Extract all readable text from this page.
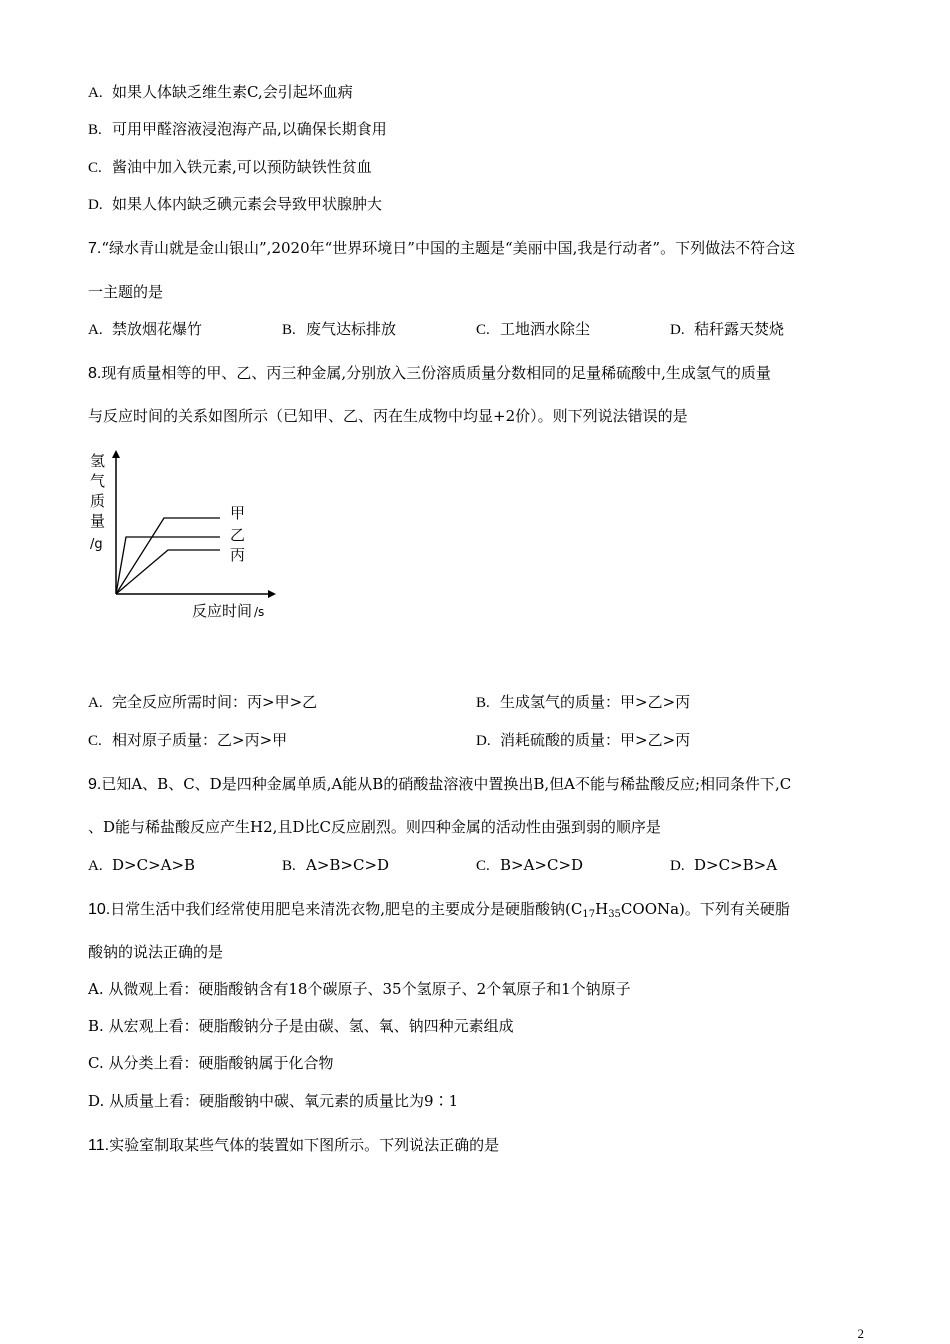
A. 如果人体缺乏维生素C,会引起坏血病
B. 可用甲醛溶液浸泡海产品,以确保长期食用
C. 酱油中加入铁元素,可以预防缺铁性贫血
D. 如果人体内缺乏碘元素会导致甲状腺肿大
7.“绿水青山就是金山银山”,2020年“世界环境日”中国的主题是“美丽中国,我是行动者”。下列做法不符合这
一主题的是
A. 禁放烟花爆竹	B. 废气达标排放	C. 工地洒水除尘	D. 秸秆露天焚烧
8.现有质量相等的甲、乙、丙三种金属,分别放入三份溶质质量分数相同的足量稀硫酸中,生成氢气的质量
与反应时间的关系如图所示（已知甲、乙、丙在生成物中均显+2价）。则下列说法错误的是
氢
气
质
量
/g
甲
乙
丙
反应时间 /s
A. 完全反应所需时间：丙>甲>乙	B. 生成氢气的质量：甲>乙>丙
C. 相对原子质量：乙>丙>甲	D. 消耗硫酸的质量：甲>乙>丙
9.已知A、B、C、D是四种金属单质,A能从B的硝酸盐溶液中置换出B,但A不能与稀盐酸反应;相同条件下,C
、D能与稀盐酸反应产生H2,且D比C反应剧烈。则四种金属的活动性由强到弱的顺序是
A. D>C>A>B	B. A>B>C>D	C. B>A>C>D	D. D>C>B>A
10.日常生活中我们经常使用肥皂来清洗衣物,肥皂的主要成分是硬脂酸钠$(C_{17}H_{35}COONa)$。下列有关硬脂
酸钠的说法正确的是
A. 从微观上看：硬脂酸钠含有18个碳原子、35个氢原子、2个氧原子和1个钠原子
B. 从宏观上看：硬脂酸钠分子是由碳、氢、氧、钠四种元素组成
C. 从分类上看：硬脂酸钠属于化合物
D. 从质量上看：硬脂酸钠中碳、氧元素的质量比为9∶1
11.实验室制取某些气体的装置如下图所示。下列说法正确的是
2
